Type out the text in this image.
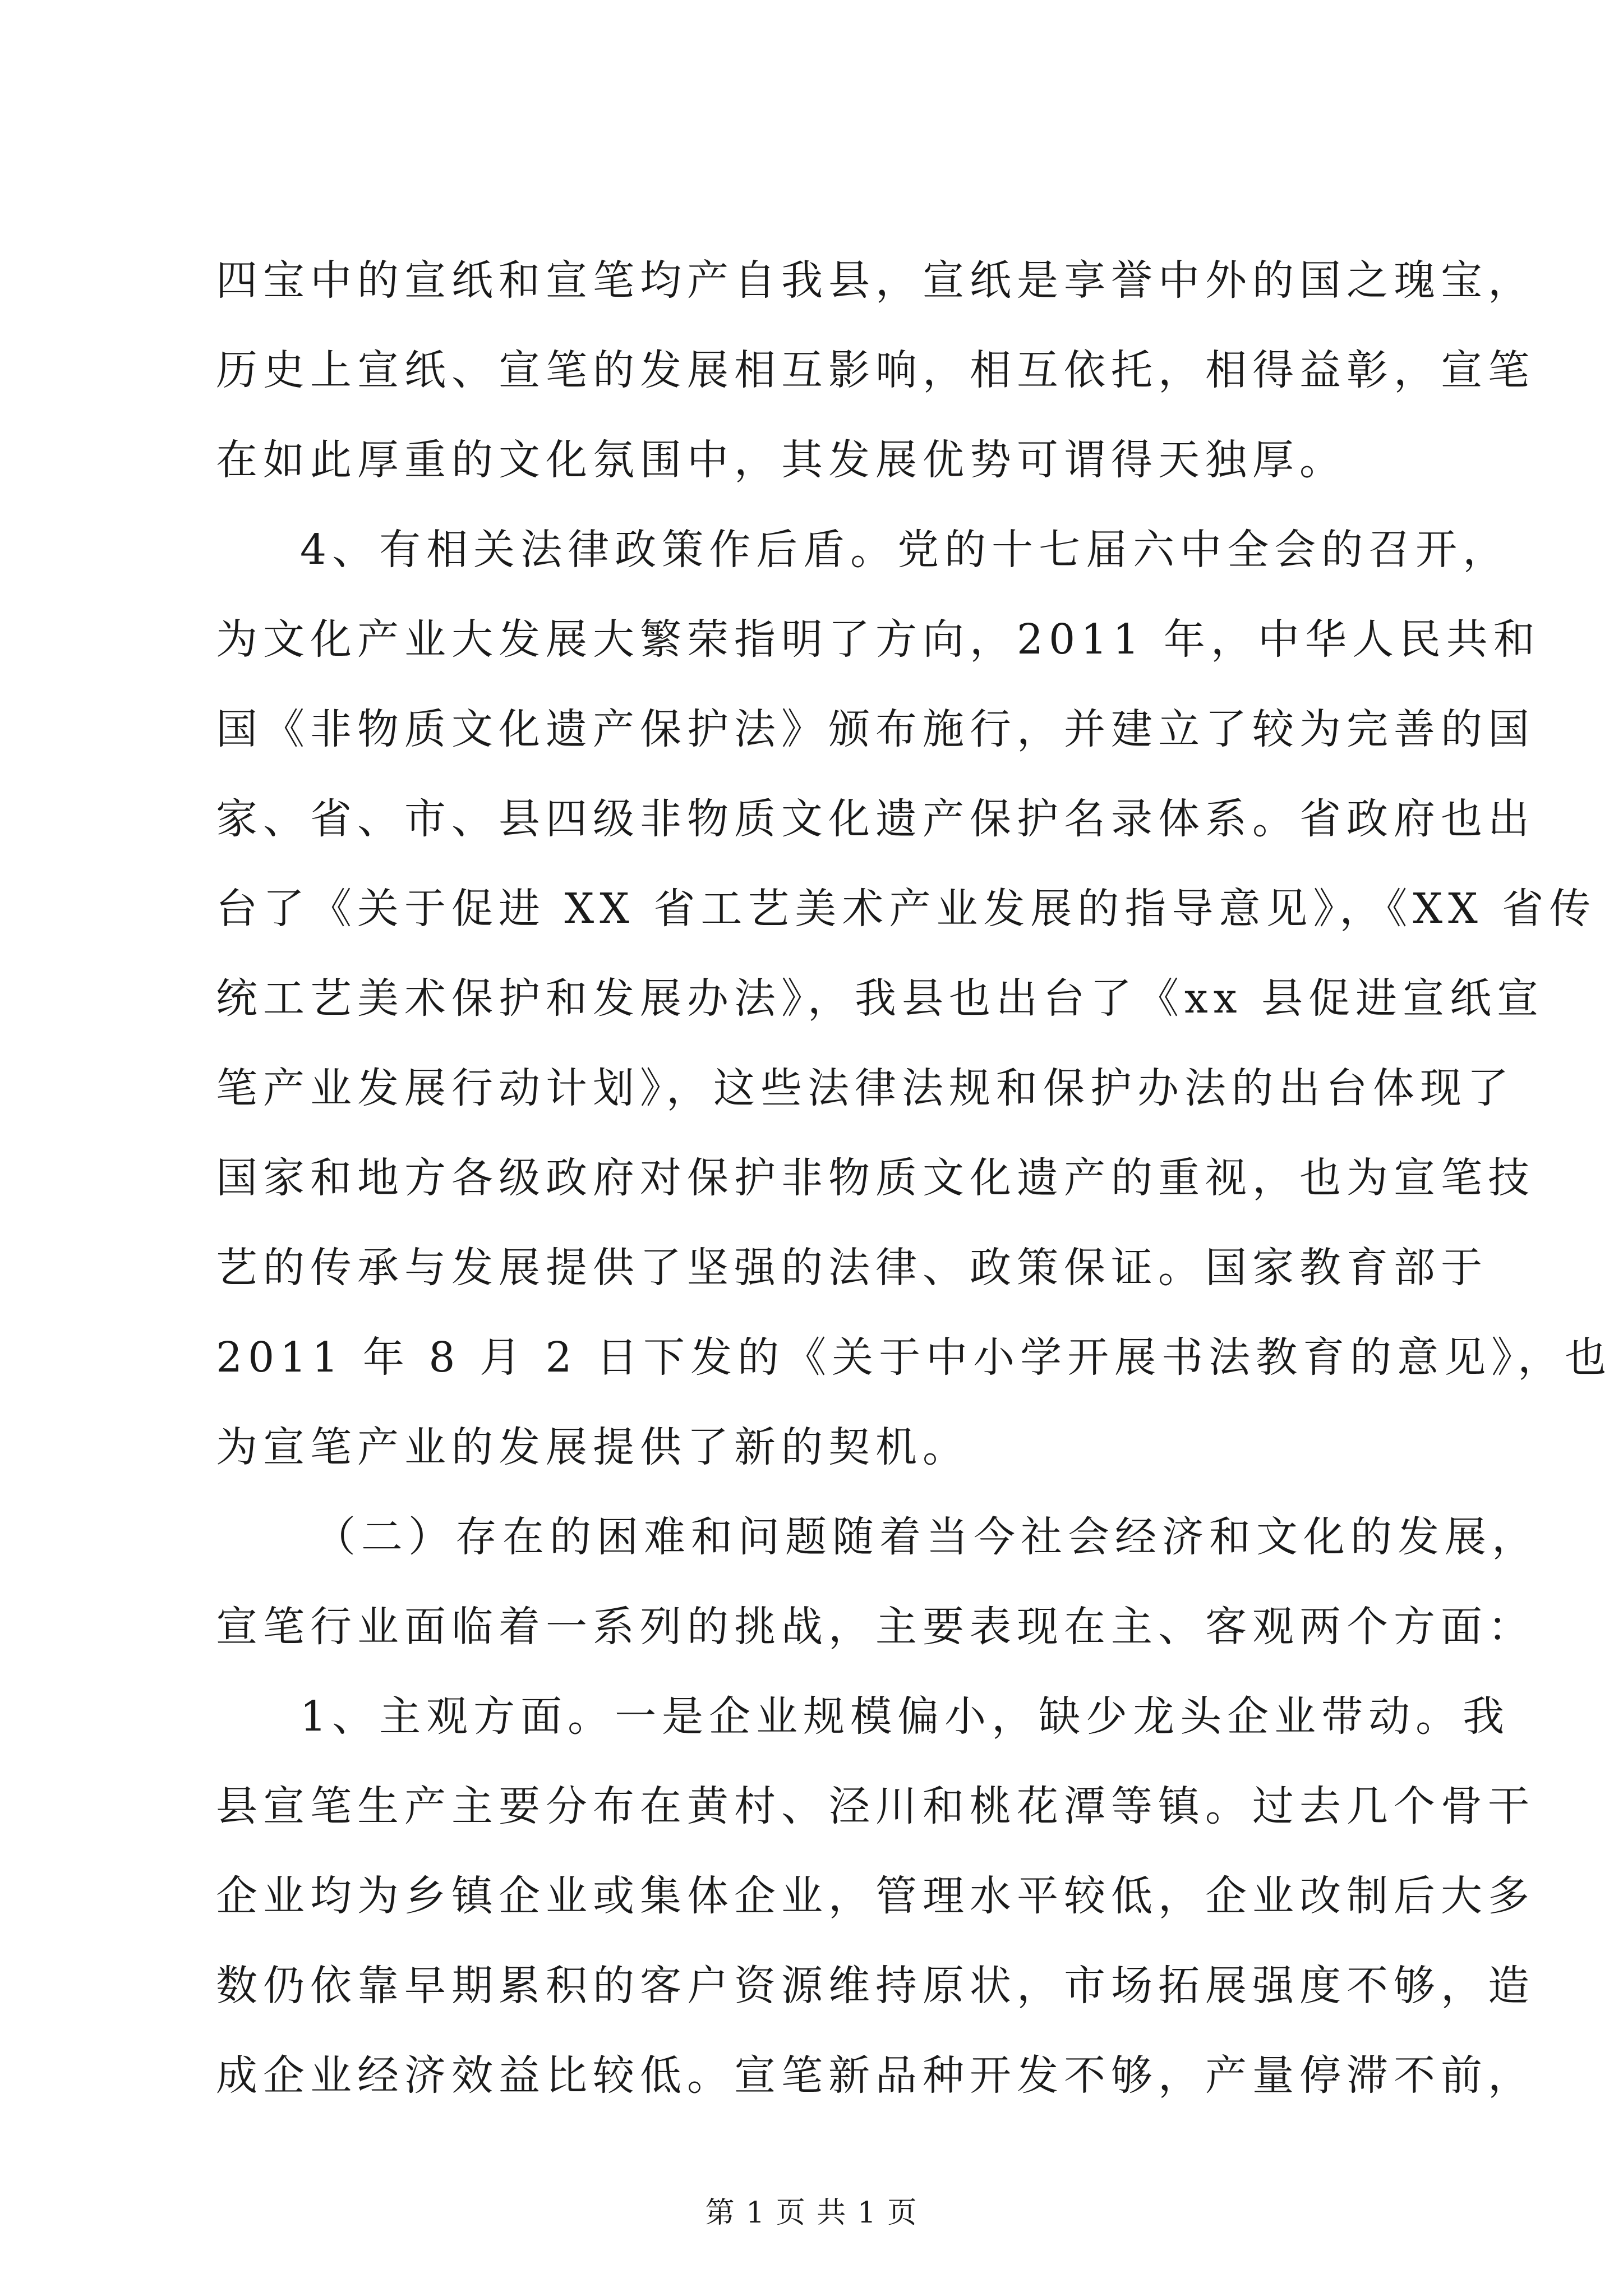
四宝中的宣纸和宣笔均产自我县，宣纸是享誉中外的国之瑰宝，
历史上宣纸、宣笔的发展相互影响，相互依托，相得益彰，宣笔
在如此厚重的文化氛围中，其发展优势可谓得天独厚。
4、有相关法律政策作后盾。党的十七届六中全会的召开，
为文化产业大发展大繁荣指明了方向，2011 年，中华人民共和
国《非物质文化遗产保护法》颁布施行，并建立了较为完善的国
家、省、市、县四级非物质文化遗产保护名录体系。省政府也出
台了《关于促进 XX 省工艺美术产业发展的指导意见》，《XX 省传
统工艺美术保护和发展办法》，我县也出台了《xx 县促进宣纸宣
笔产业发展行动计划》，这些法律法规和保护办法的出台体现了
国家和地方各级政府对保护非物质文化遗产的重视，也为宣笔技
艺的传承与发展提供了坚强的法律、政策保证。国家教育部于
2011 年 8 月 2 日下发的《关于中小学开展书法教育的意见》，也
为宣笔产业的发展提供了新的契机。
（二）存在的困难和问题随着当今社会经济和文化的发展，
宣笔行业面临着一系列的挑战，主要表现在主、客观两个方面：
1、主观方面。一是企业规模偏小，缺少龙头企业带动。我
县宣笔生产主要分布在黄村、泾川和桃花潭等镇。过去几个骨干
企业均为乡镇企业或集体企业，管理水平较低，企业改制后大多
数仍依靠早期累积的客户资源维持原状，市场拓展强度不够，造
成企业经济效益比较低。宣笔新品种开发不够，产量停滞不前，
第 1 页 共 1 页
